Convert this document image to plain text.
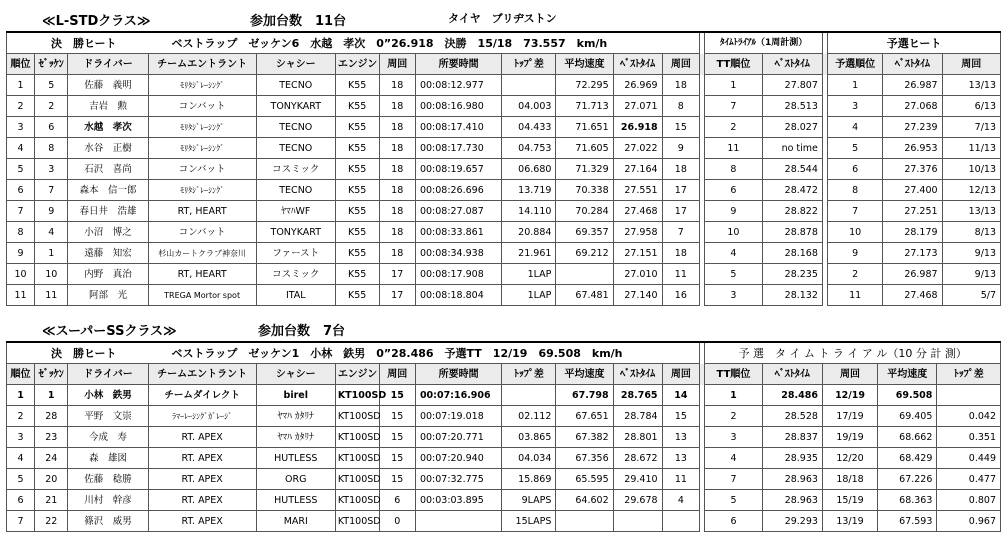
≪L-STDクラス≫	参加台数　11台	タイヤ　ブリヂストン
決　勝ヒート　　　　　ベストラップ　ゼッケン6　水越　孝次　0”26.918　決勝　15/18　73.557　km/h													ﾀｲﾑﾄﾗｲｱﾙ（1周計測）			予選ヒート		
順位	ｾﾞｯｹﾝ	ドライバー	チームエントラント	シャシー	エンジン	周回	所要時間	ﾄｯﾌﾟ差	平均速度	ﾍﾞｽﾄﾀｲﾑ	周回		TT順位	ﾍﾞｽﾄﾀｲﾑ		予選順位	ﾍﾞｽﾄﾀｲﾑ	周回
1	5	佐藤　義明	ﾓﾘﾀｼﾞﾚｰｼﾝｸﾞ	TECNO	K55	18	00:08:12.977		72.295	26.969	18		1	27.807		1	26.987	13/13
2	2	吉岩　勲	コンバット	TONYKART	K55	18	00:08:16.980	04.003	71.713	27.071	8		7	28.513		3	27.068	6/13
3	6	水越　孝次	ﾓﾘﾀｼﾞﾚｰｼﾝｸﾞ	TECNO	K55	18	00:08:17.410	04.433	71.651	26.918	15		2	28.027		4	27.239	7/13
4	8	水谷　正樹	ﾓﾘﾀｼﾞﾚｰｼﾝｸﾞ	TECNO	K55	18	00:08:17.730	04.753	71.605	27.022	9		11	no time		5	26.953	11/13
5	3	石沢　喜尚	コンバット	コスミック	K55	18	00:08:19.657	06.680	71.329	27.164	18		8	28.544		6	27.376	10/13
6	7	森本　信一郎	ﾓﾘﾀｼﾞﾚｰｼﾝｸﾞ	TECNO	K55	18	00:08:26.696	13.719	70.338	27.551	17		6	28.472		8	27.400	12/13
7	9	春日井　浩雄	RT, HEART	ﾔﾏﾊWF	K55	18	00:08:27.087	14.110	70.284	27.468	17		9	28.822		7	27.251	13/13
8	4	小沼　博之	コンバット	TONYKART	K55	18	00:08:33.861	20.884	69.357	27.958	7		10	28.878		10	28.179	8/13
9	1	遠藤　知宏	杉山カートクラブ神奈川	ファースト	K55	18	00:08:34.938	21.961	69.212	27.151	18		4	28.168		9	27.173	9/13
10	10	内野　真治	RT, HEART	コスミック	K55	17	00:08:17.908	1LAP		27.010	11		5	28.235		2	26.987	9/13
11	11	阿部　光	TREGA Mortor spot	ITAL	K55	17	00:08:18.804	1LAP	67.481	27.140	16		3	28.132		11	27.468	5/7
≪スーパーSSクラス≫	参加台数　7台
決　勝ヒート　　　　　ベストラップ　ゼッケン1　小林　鉄男　0”28.486　予選TT　12/19　69.508　km/h													予 選　タ イ ム ト ラ イ ア ル（10 分 計 測）				
順位	ｾﾞｯｹﾝ	ドライバー	チームエントラント	シャシー	エンジン	周回	所要時間	ﾄｯﾌﾟ差	平均速度	ﾍﾞｽﾄﾀｲﾑ	周回		TT順位	ﾍﾞｽﾄﾀｲﾑ	周回	平均速度	ﾄｯﾌﾟ差
1	1	小林　鉄男	チームダイレクト	birel	KT100SD	15	00:07:16.906		67.798	28.765	14		1	28.486	12/19	69.508	
2	28	平野　文崇	ﾗﾏｰﾚｰｼﾝｸﾞｶﾞﾚｰｼﾞ	ﾔﾏﾊ ｶﾀﾘﾅ	KT100SD	15	00:07:19.018	02.112	67.651	28.784	15		2	28.528	17/19	69.405	0.042
3	23	今成　寿	RT. APEX	ﾔﾏﾊ ｶﾀﾘﾅ	KT100SD	15	00:07:20.771	03.865	67.382	28.801	13		3	28.837	19/19	68.662	0.351
4	24	森　雄図	RT. APEX	HUTLESS	KT100SD	15	00:07:20.940	04.034	67.356	28.672	13		4	28.935	12/20	68.429	0.449
5	20	佐藤　稔勝	RT. APEX	ORG	KT100SD	15	00:07:32.775	15.869	65.595	29.410	11		7	28.963	18/18	67.226	0.477
6	21	川村　幹彦	RT. APEX	HUTLESS	KT100SD	6	00:03:03.895	9LAPS	64.602	29.678	4		5	28.963	15/19	68.363	0.807
7	22	篠沢　威男	RT. APEX	MARI	KT100SD	0		15LAPS					6	29.293	13/19	67.593	0.967
